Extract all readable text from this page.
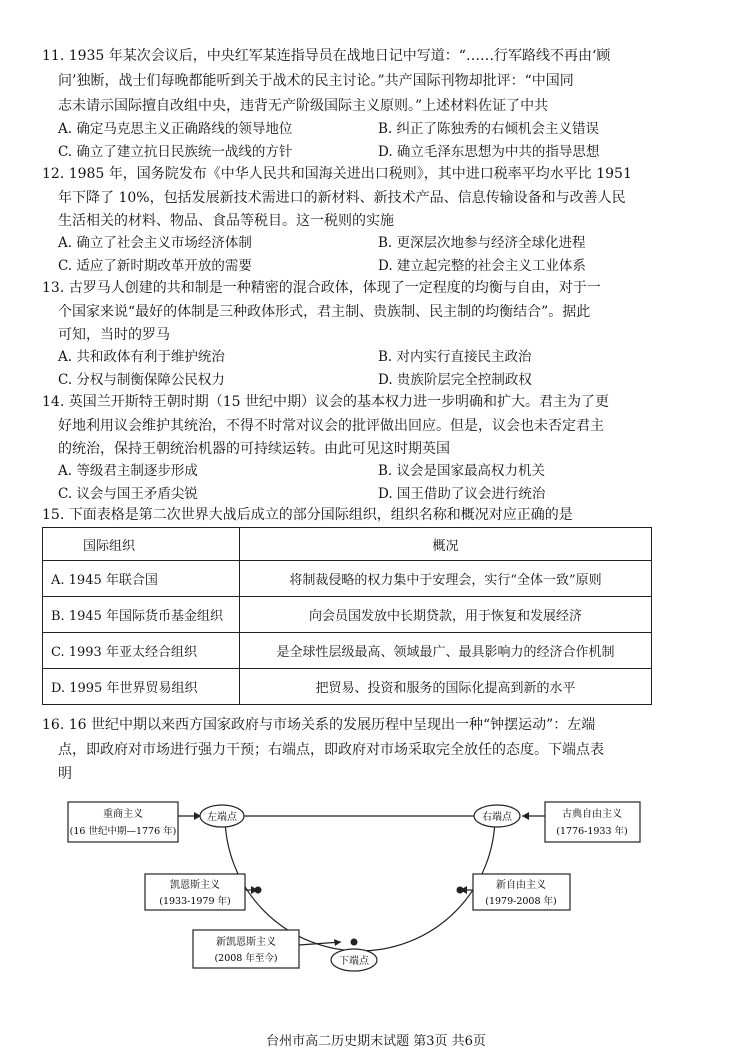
11. 1935 年某次会议后，中央红军某连指导员在战地日记中写道：“……行军路线不再由‘顾
问’独断，战士们每晚都能听到关于战术的民主讨论。”共产国际刊物却批评：“中国同
志未请示国际擅自改组中央，违背无产阶级国际主义原则。”上述材料佐证了中共
A. 确定马克思主义正确路线的领导地位	B. 纠正了陈独秀的右倾机会主义错误
C. 确立了建立抗日民族统一战线的方针	D. 确立毛泽东思想为中共的指导思想
12. 1985 年，国务院发布《中华人民共和国海关进出口税则》，其中进口税率平均水平比 1951
年下降了 10%，包括发展新技术需进口的新材料、新技术产品、信息传输设备和与改善人民
生活相关的材料、物品、食品等税目。这一税则的实施
A. 确立了社会主义市场经济体制	B. 更深层次地参与经济全球化进程
C. 适应了新时期改革开放的需要	D. 建立起完整的社会主义工业体系
13. 古罗马人创建的共和制是一种精密的混合政体，体现了一定程度的均衡与自由，对于一
个国家来说“最好的体制是三种政体形式，君主制、贵族制、民主制的均衡结合”。据此
可知，当时的罗马
A. 共和政体有利于维护统治	B. 对内实行直接民主政治
C. 分权与制衡保障公民权力	D. 贵族阶层完全控制政权
14. 英国兰开斯特王朝时期（15 世纪中期）议会的基本权力进一步明确和扩大。君主为了更
好地利用议会维护其统治，不得不时常对议会的批评做出回应。但是，议会也未否定君主
的统治，保持王朝统治机器的可持续运转。由此可见这时期英国
A. 等级君主制逐步形成	B. 议会是国家最高权力机关
C. 议会与国王矛盾尖锐	D. 国王借助了议会进行统治
15. 下面表格是第二次世界大战后成立的部分国际组织，组织名称和概况对应正确的是
国际组织	概况
A. 1945 年联合国	将制裁侵略的权力集中于安理会，实行“全体一致”原则
B. 1945 年国际货币基金组织	向会员国发放中长期贷款，用于恢复和发展经济
C. 1993 年亚太经合组织	是全球性层级最高、领域最广、最具影响力的经济合作机制
D. 1995 年世界贸易组织	把贸易、投资和服务的国际化提高到新的水平
16. 16 世纪中期以来西方国家政府与市场关系的发展历程中呈现出一种“钟摆运动”：左端
点，即政府对市场进行强力干预；右端点，即政府对市场采取完全放任的态度。下端点表
明
左端点	右端点
下端点
重商主义
(16 世纪中期—1776 年)
古典自由主义
(1776-1933 年)
凯恩斯主义
(1933-1979 年)
新自由主义
(1979-2008 年)
新凯恩斯主义
(2008 年至今)
台州市高二历史期末试题 第3页 共6页
